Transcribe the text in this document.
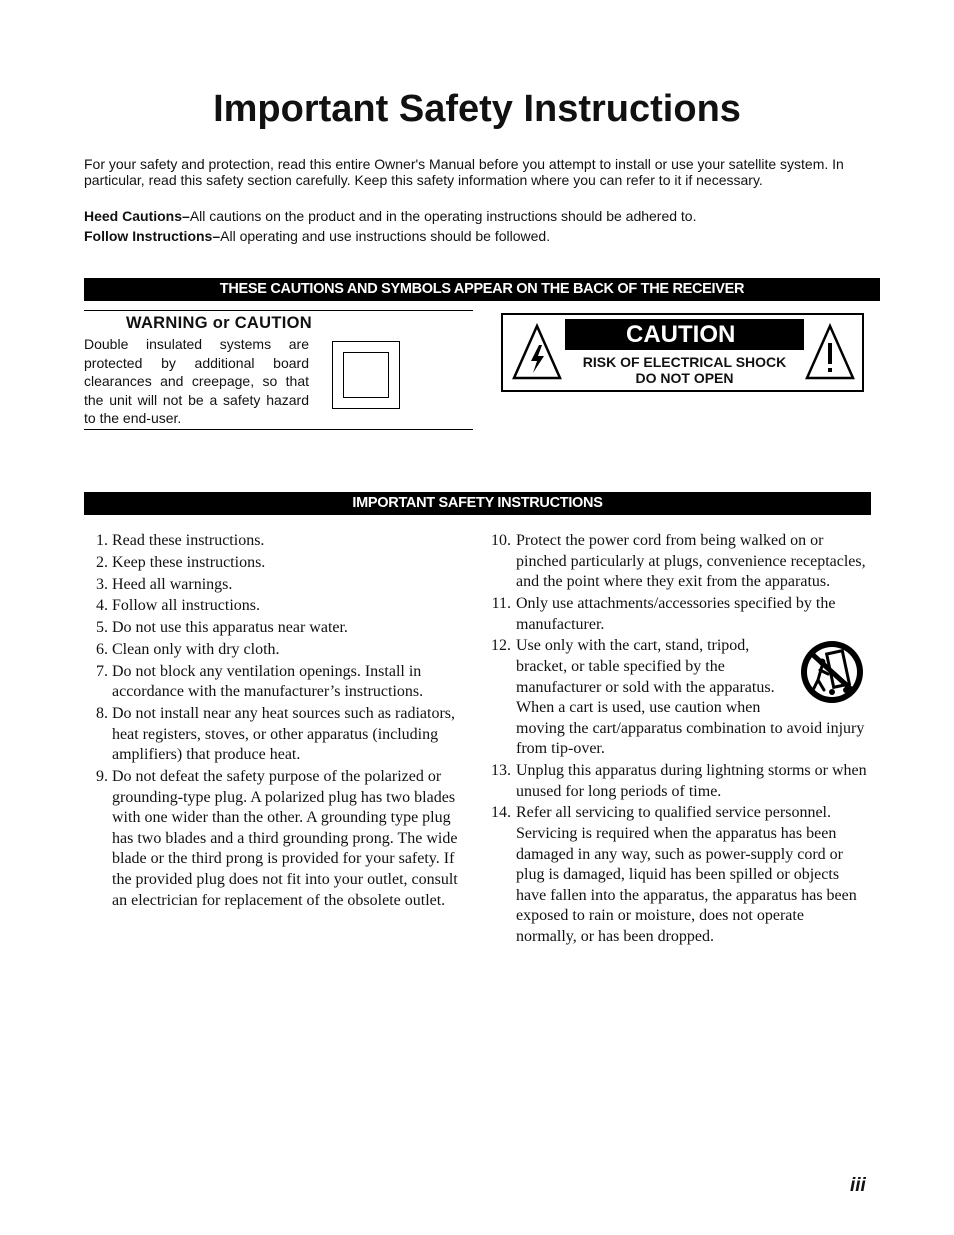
Important Safety Instructions

For your safety and protection, read this entire Owner's Manual before you attempt to install or use your satellite system. In particular, read this safety section carefully. Keep this safety information where you can refer to it if necessary.

Heed Cautions–All cautions on the product and in the operating instructions should be adhered to.
Follow Instructions–All operating and use instructions should be followed.
THESE CAUTIONS AND SYMBOLS APPEAR ON THE BACK OF THE RECEIVER
WARNING or CAUTION
Double insulated systems are protected by additional board clearances and creepage, so that the unit will not be a safety hazard to the end-user.
CAUTION
RISK OF ELECTRICAL SHOCK
DO NOT OPEN
IMPORTANT SAFETY INSTRUCTIONS
1. Read these instructions.
2. Keep these instructions.
3. Heed all warnings.
4. Follow all instructions.
5. Do not use this apparatus near water.
6. Clean only with dry cloth.
7. Do not block any ventilation openings. Install in accordance with the manufacturer’s instructions.
8. Do not install near any heat sources such as radiators, heat registers, stoves, or other apparatus (including amplifiers) that produce heat.
9. Do not defeat the safety purpose of the polarized or grounding-type plug. A polarized plug has two blades with one wider than the other. A grounding type plug has two blades and a third grounding prong. The wide blade or the third prong is provided for your safety. If the provided plug does not fit into your outlet, consult an electrician for replacement of the obsolete outlet.
10. Protect the power cord from being walked on or pinched particularly at plugs, convenience receptacles, and the point where they exit from the apparatus.
11. Only use attachments/accessories specified by the manufacturer.
12. Use only with the cart, stand, tripod, bracket, or table specified by the manufacturer or sold with the apparatus. When a cart is used, use caution when moving the cart/apparatus combination to avoid injury from tip-over.
13. Unplug this apparatus during lightning storms or when unused for long periods of time.
14. Refer all servicing to qualified service personnel. Servicing is required when the apparatus has been damaged in any way, such as power-supply cord or plug is damaged, liquid has been spilled or objects have fallen into the apparatus, the apparatus has been exposed to rain or moisture, does not operate normally, or has been dropped.
iii
